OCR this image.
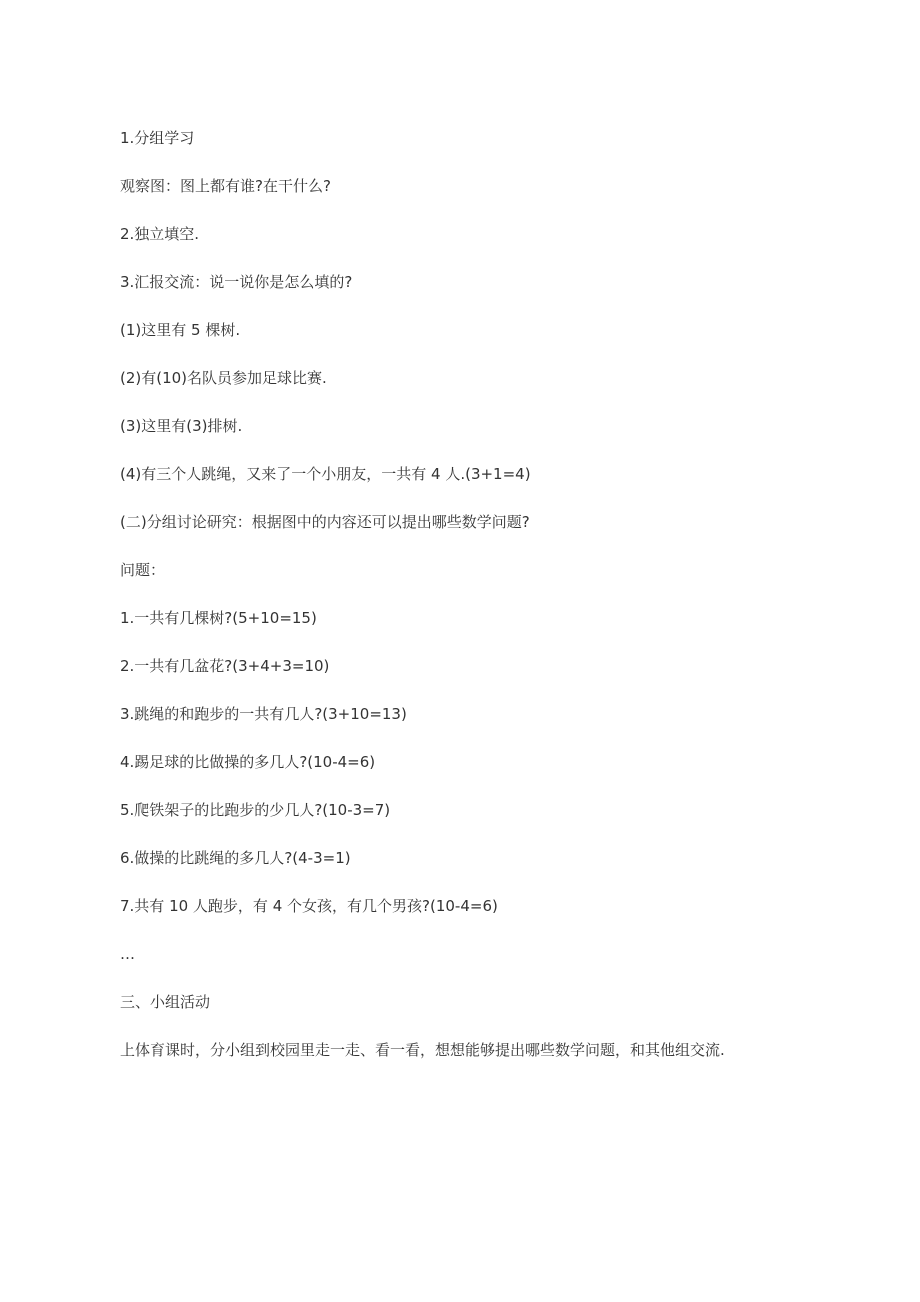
1.分组学习

观察图：图上都有谁?在干什么?

2.独立填空.

3.汇报交流：说一说你是怎么填的?

(1)这里有 5 棵树.

(2)有(10)名队员参加足球比赛.

(3)这里有(3)排树.

(4)有三个人跳绳，又来了一个小朋友，一共有 4 人.(3+1=4)

(二)分组讨论研究：根据图中的内容还可以提出哪些数学问题?

问题：

1.一共有几棵树?(5+10=15)

2.一共有几盆花?(3+4+3=10)

3.跳绳的和跑步的一共有几人?(3+10=13)

4.踢足球的比做操的多几人?(10-4=6)

5.爬铁架子的比跑步的少几人?(10-3=7)

6.做操的比跳绳的多几人?(4-3=1)

7.共有 10 人跑步，有 4 个女孩，有几个男孩?(10-4=6)

…

三、小组活动

上体育课时，分小组到校园里走一走、看一看，想想能够提出哪些数学问题，和其他组交流.
